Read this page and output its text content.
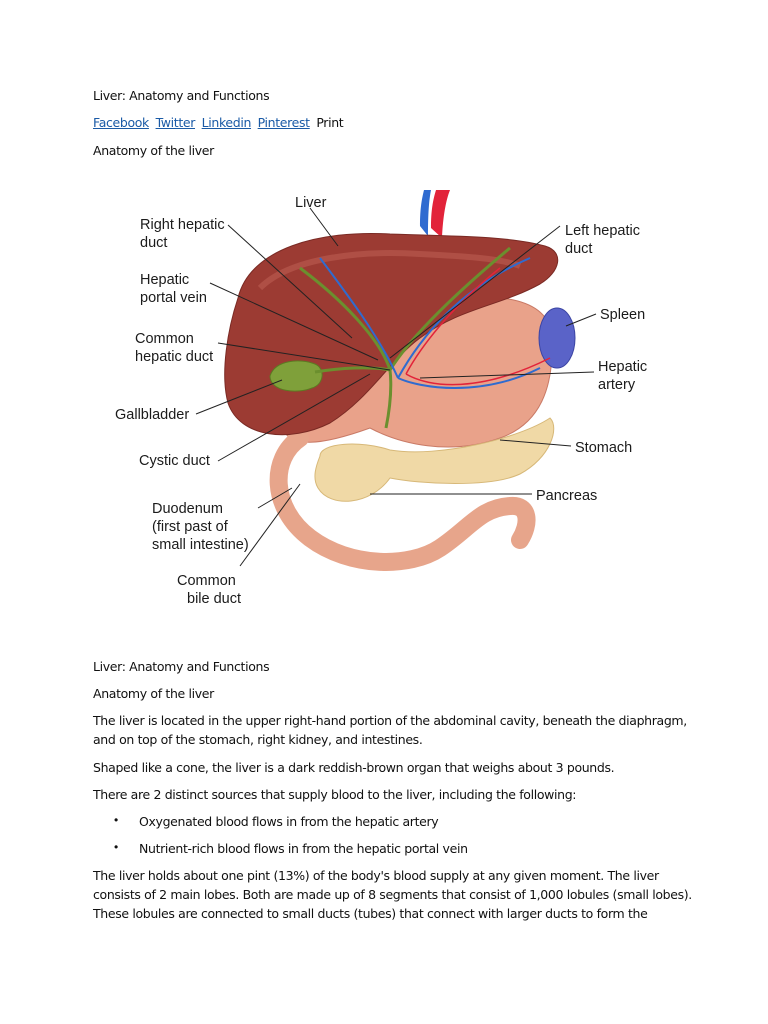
Liver: Anatomy and Functions
Facebook Twitter Linkedin Pinterest Print
Anatomy of the liver
Liver
Right hepatic
duct
Hepatic
portal vein
Common
hepatic duct
Gallbladder
Cystic duct
Duodenum
(first past of
small intestine)
Common
bile duct
Left hepatic
duct
Spleen
Hepatic
artery
Stomach
Pancreas
Liver: Anatomy and Functions
Anatomy of the liver
The liver is located in the upper right-hand portion of the abdominal cavity, beneath the diaphragm,
and on top of the stomach, right kidney, and intestines.
Shaped like a cone, the liver is a dark reddish-brown organ that weighs about 3 pounds.
There are 2 distinct sources that supply blood to the liver, including the following:
• Oxygenated blood flows in from the hepatic artery
• Nutrient-rich blood flows in from the hepatic portal vein
The liver holds about one pint (13%) of the body's blood supply at any given moment. The liver
consists of 2 main lobes. Both are made up of 8 segments that consist of 1,000 lobules (small lobes).
These lobules are connected to small ducts (tubes) that connect with larger ducts to form the
